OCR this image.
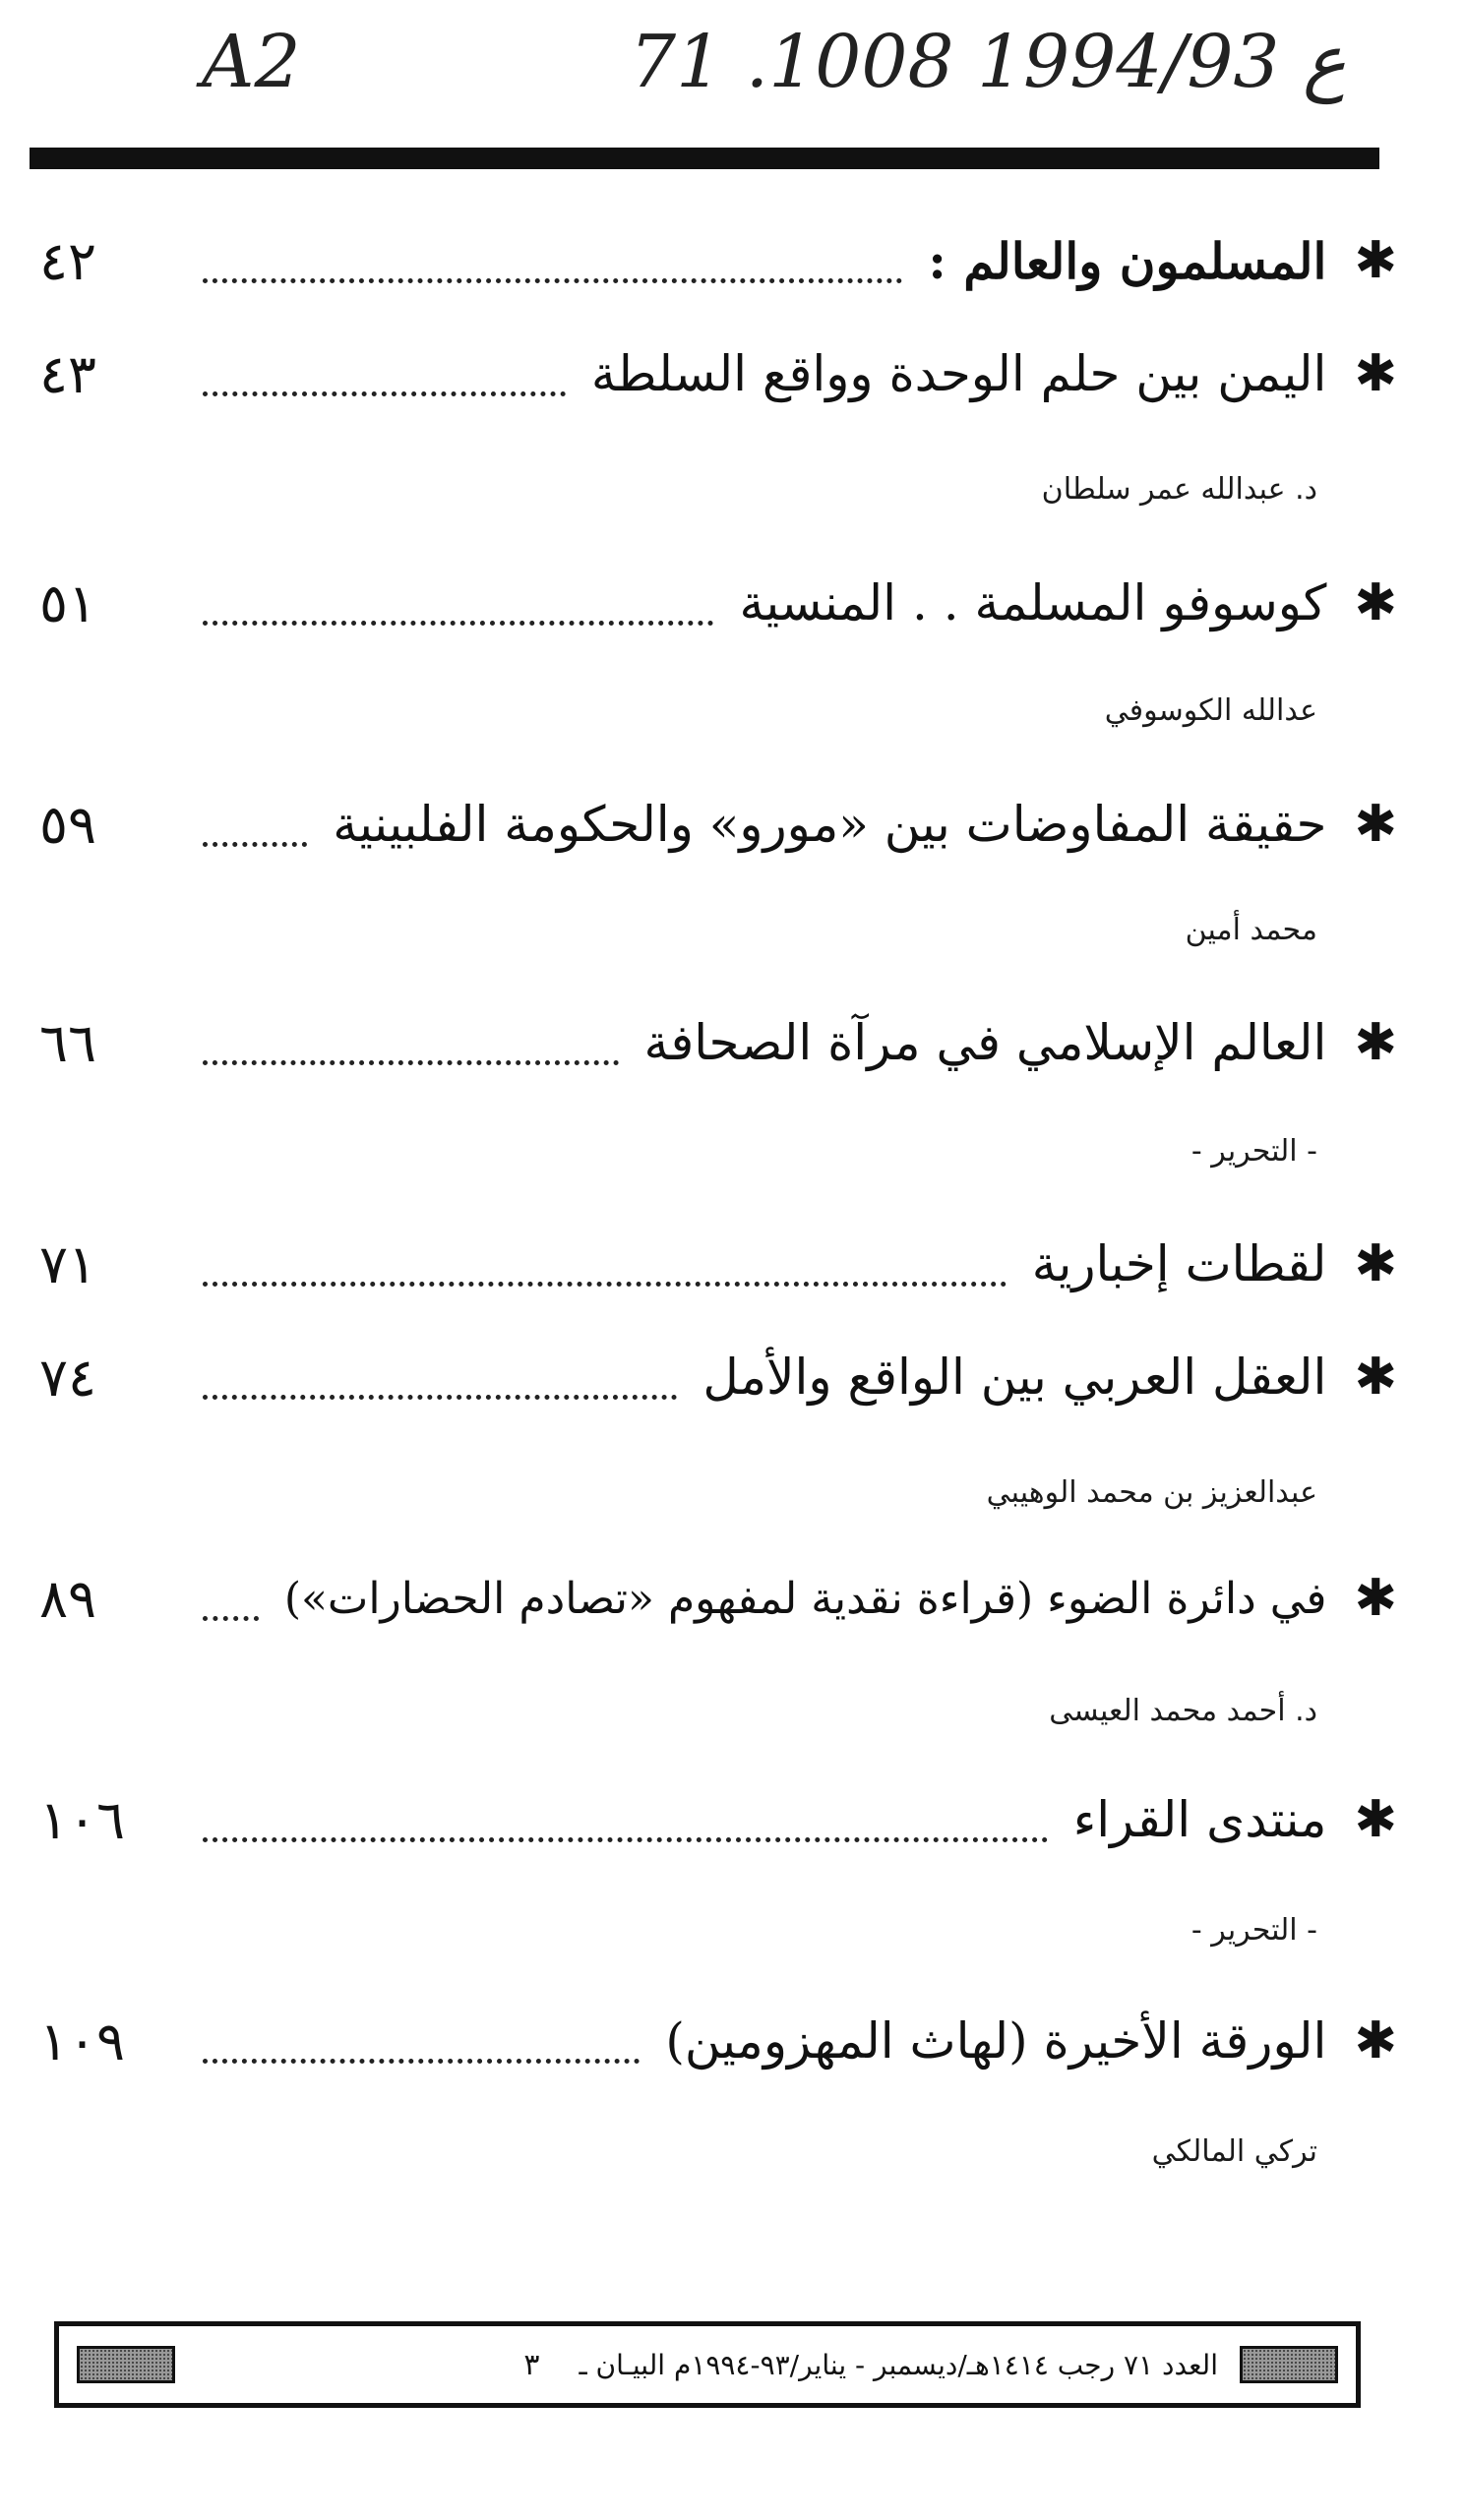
A2	71 .ع 1994/93 1008
✱
المسلمون والعالم :
٤٢
✱
اليمن بين حلم الوحدة وواقع السلطة
٤٣
د. عبدالله عمر سلطان
✱
كوسوفو المسلمة . . المنسية
٥١
عدالله الكوسوفي
✱
حقيقة المفاوضات بين «مورو» والحكومة الفلبينية
٥٩
محمد أمين
✱
العالم الإسلامي في مرآة الصحافة
٦٦
- التحرير -
✱
لقطات إخبارية
٧١
✱
العقل العربي بين الواقع والأمل
٧٤
عبدالعزيز بن محمد الوهيبي
✱
في دائرة الضوء (قراءة نقدية لمفهوم «تصادم الحضارات»)
٨٩
د. أحمد محمد العيسى
✱
منتدى القراء
١٠٦
- التحرير -
✱
الورقة الأخيرة (لهاث المهزومين)
١٠٩
تركي المالكي
العدد ٧١ رجب ١٤١٤هـ/ديسمبر - يناير/٩٣-١٩٩٤م البيـان ـ
٣
